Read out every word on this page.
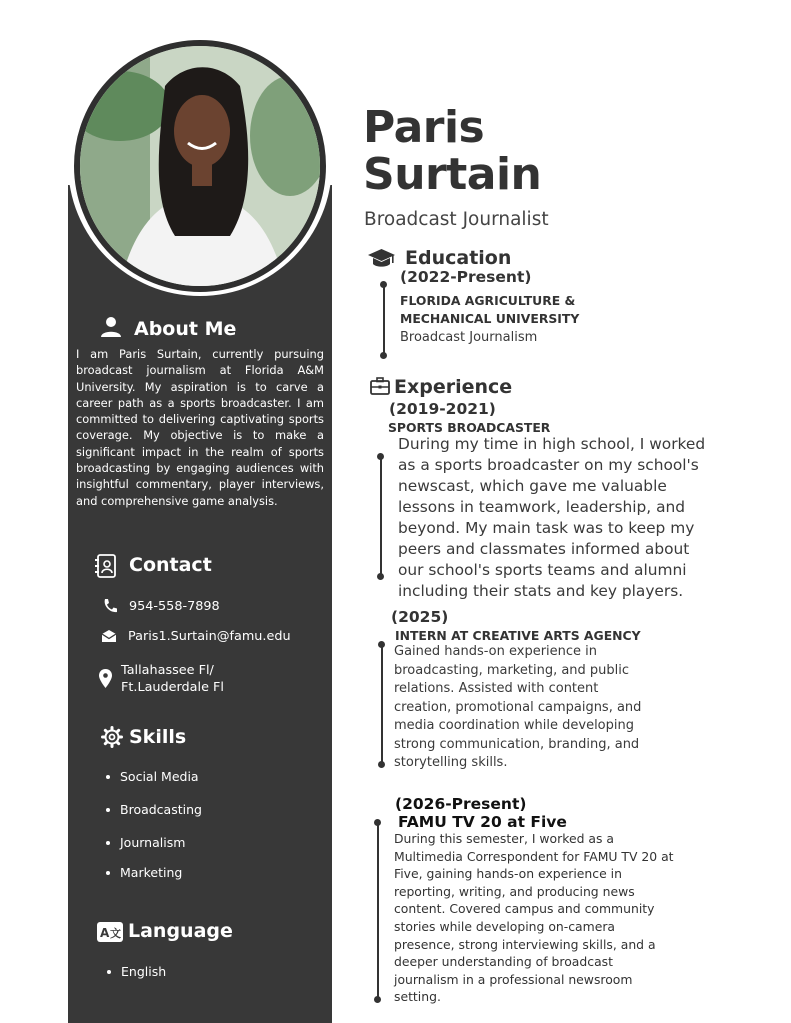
About Me
I am Paris Surtain, currently pursuing broadcast journalism at Florida A&M University. My aspiration is to carve a career path as a sports broadcaster. I am committed to delivering captivating sports coverage. My objective is to make a significant impact in the realm of sports broadcasting by engaging audiences with insightful commentary, player interviews, and comprehensive game analysis.
Contact
954-558-7898
Paris1.Surtain@famu.edu
Tallahassee Fl/
Ft.Lauderdale Fl
Skills
Social Media
Broadcasting
Journalism
Marketing
A 文 Language
English
Paris
Surtain
Broadcast Journalist
Education
(2022-Present)
FLORIDA AGRICULTURE &
MECHANICAL UNIVERSITY
Broadcast Journalism
Experience
(2019-2021)
SPORTS BROADCASTER
During my time in high school, I worked
as a sports broadcaster on my school's
newscast, which gave me valuable
lessons in teamwork, leadership, and
beyond. My main task was to keep my
peers and classmates informed about
our school's sports teams and alumni
including their stats and key players.
(2025)
INTERN AT CREATIVE ARTS AGENCY
Gained hands-on experience in
broadcasting, marketing, and public
relations. Assisted with content
creation, promotional campaigns, and
media coordination while developing
strong communication, branding, and
storytelling skills.
(2026-Present)
FAMU TV 20 at Five
During this semester, I worked as a
Multimedia Correspondent for FAMU TV 20 at
Five, gaining hands-on experience in
reporting, writing, and producing news
content. Covered campus and community
stories while developing on-camera
presence, strong interviewing skills, and a
deeper understanding of broadcast
journalism in a professional newsroom
setting.
